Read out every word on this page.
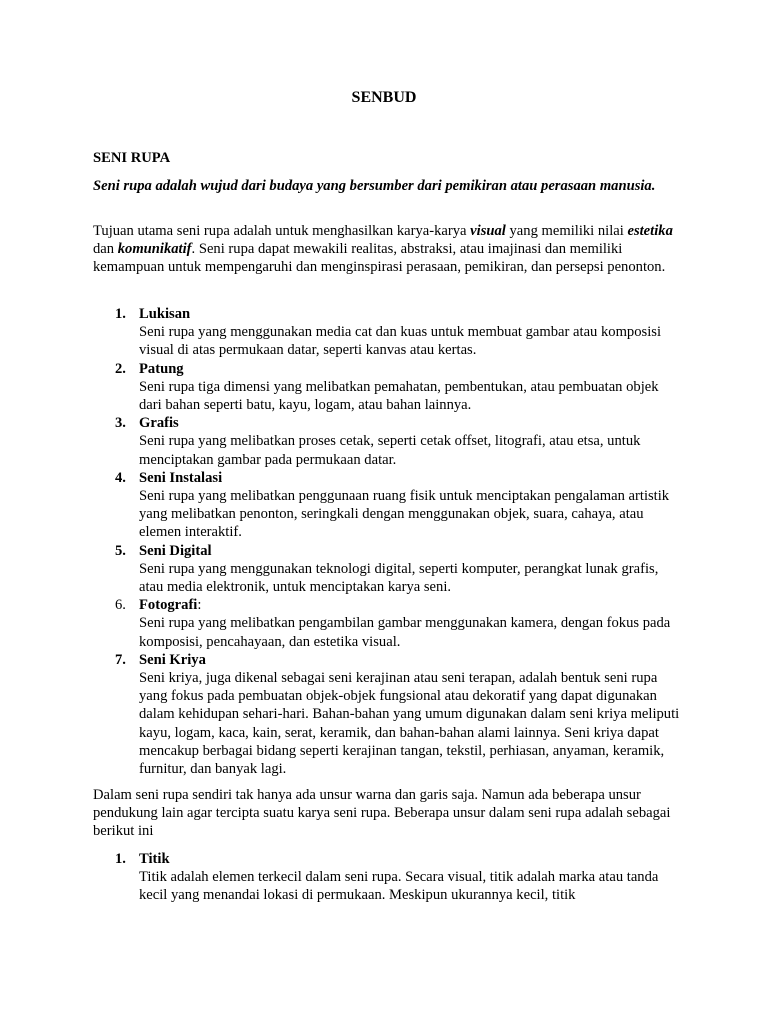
SENBUD
SENI RUPA

Seni rupa adalah wujud dari budaya yang bersumber dari pemikiran atau perasaan manusia.

Tujuan utama seni rupa adalah untuk menghasilkan karya-karya visual yang memiliki nilai estetika dan komunikatif. Seni rupa dapat mewakili realitas, abstraksi, atau imajinasi dan memiliki kemampuan untuk mempengaruhi dan menginspirasi perasaan, pemikiran, dan persepsi penonton.

1. Lukisan
Seni rupa yang menggunakan media cat dan kuas untuk membuat gambar atau komposisi visual di atas permukaan datar, seperti kanvas atau kertas.
2. Patung
Seni rupa tiga dimensi yang melibatkan pemahatan, pembentukan, atau pembuatan objek dari bahan seperti batu, kayu, logam, atau bahan lainnya.
3. Grafis
Seni rupa yang melibatkan proses cetak, seperti cetak offset, litografi, atau etsa, untuk menciptakan gambar pada permukaan datar.
4. Seni Instalasi
Seni rupa yang melibatkan penggunaan ruang fisik untuk menciptakan pengalaman artistik yang melibatkan penonton, seringkali dengan menggunakan objek, suara, cahaya, atau elemen interaktif.
5. Seni Digital
Seni rupa yang menggunakan teknologi digital, seperti komputer, perangkat lunak grafis, atau media elektronik, untuk menciptakan karya seni.
6. Fotografi:
Seni rupa yang melibatkan pengambilan gambar menggunakan kamera, dengan fokus pada komposisi, pencahayaan, dan estetika visual.
7. Seni Kriya
Seni kriya, juga dikenal sebagai seni kerajinan atau seni terapan, adalah bentuk seni rupa yang fokus pada pembuatan objek-objek fungsional atau dekoratif yang dapat digunakan dalam kehidupan sehari-hari. Bahan-bahan yang umum digunakan dalam seni kriya meliputi kayu, logam, kaca, kain, serat, keramik, dan bahan-bahan alami lainnya. Seni kriya dapat mencakup berbagai bidang seperti kerajinan tangan, tekstil, perhiasan, anyaman, keramik, furnitur, dan banyak lagi.

Dalam seni rupa sendiri tak hanya ada unsur warna dan garis saja. Namun ada beberapa unsur pendukung lain agar tercipta suatu karya seni rupa. Beberapa unsur dalam seni rupa adalah sebagai berikut ini

1. Titik
Titik adalah elemen terkecil dalam seni rupa. Secara visual, titik adalah marka atau tanda kecil yang menandai lokasi di permukaan. Meskipun ukurannya kecil, titik
